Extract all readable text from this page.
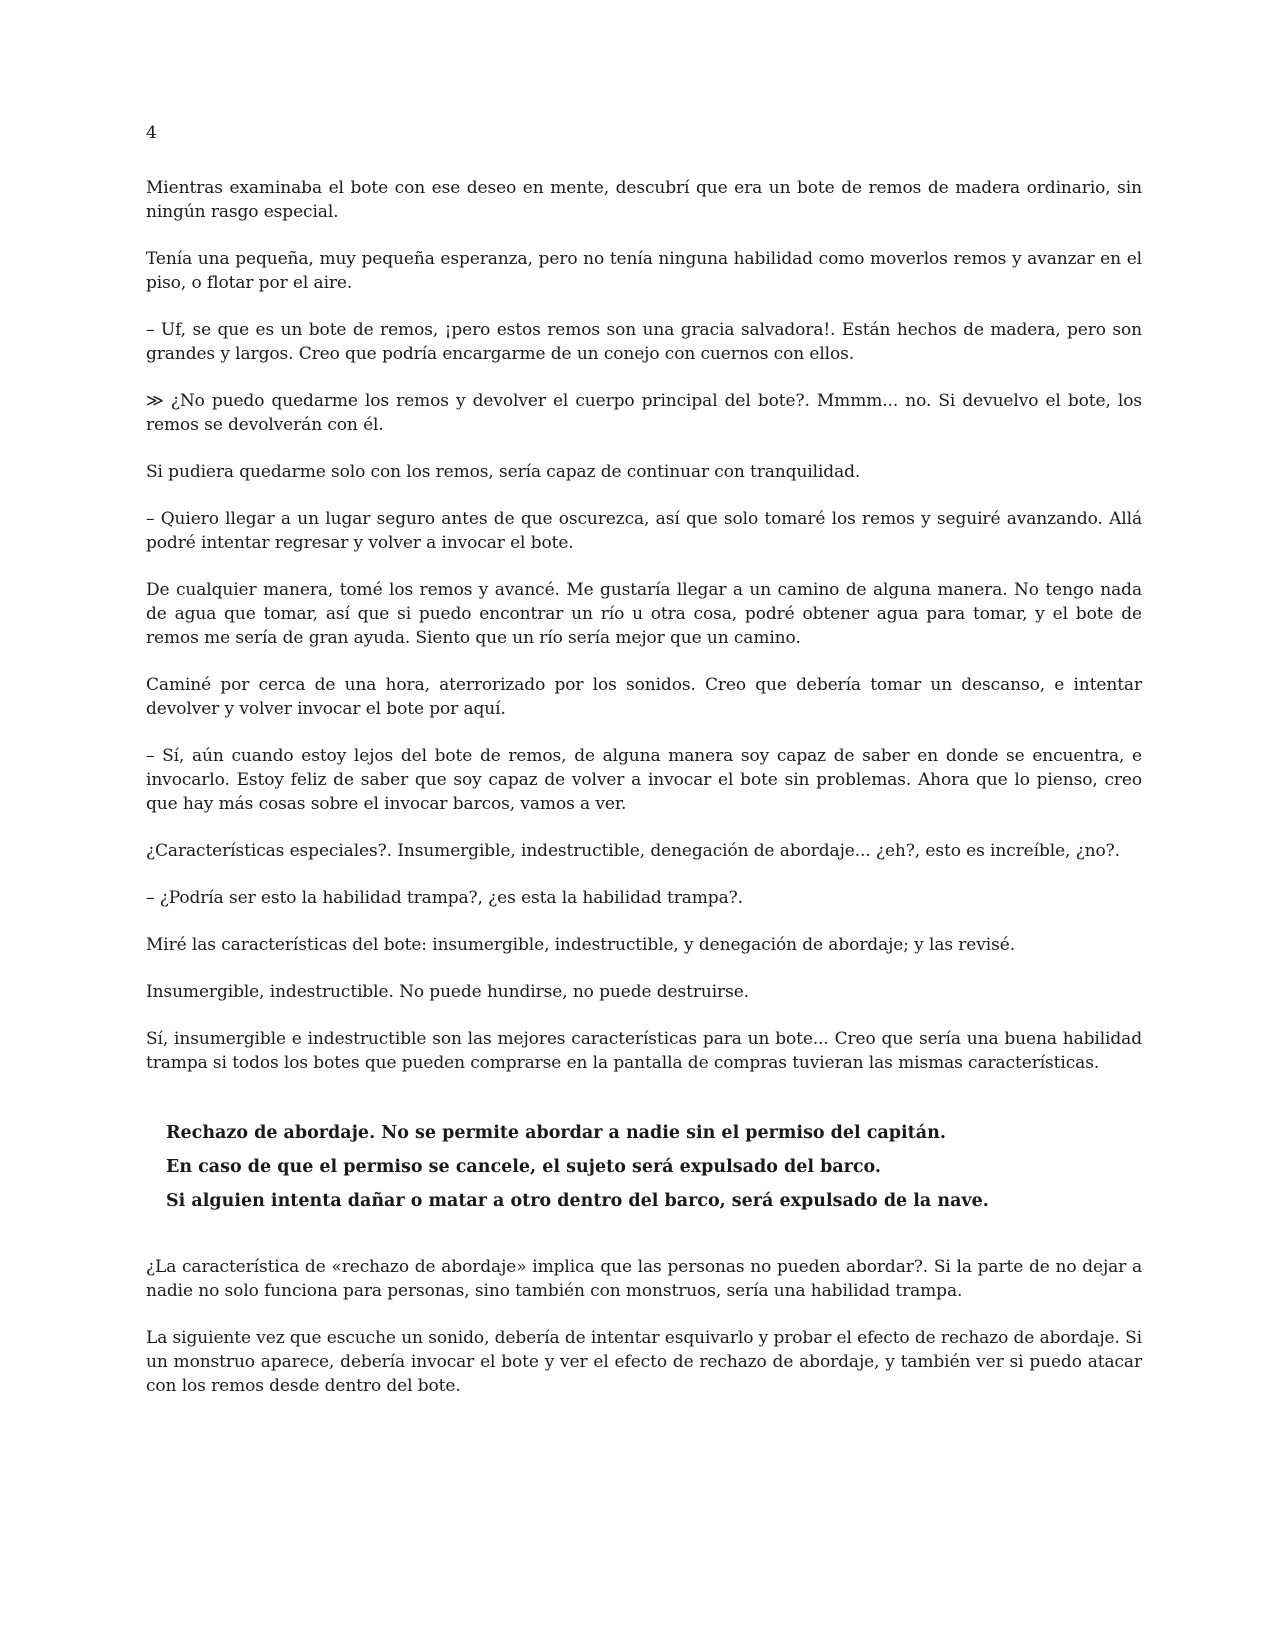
4

Mientras examinaba el bote con ese deseo en mente, descubrí que era un bote de remos de madera ordinario, sin ningún rasgo especial.

Tenía una pequeña, muy pequeña esperanza, pero no tenía ninguna habilidad como moverlos remos y avanzar en el piso, o flotar por el aire.

– Uf, se que es un bote de remos, ¡pero estos remos son una gracia salvadora!. Están hechos de madera, pero son grandes y largos. Creo que podría encargarme de un conejo con cuernos con ellos.

≫ ¿No puedo quedarme los remos y devolver el cuerpo principal del bote?. Mmmm... no. Si devuelvo el bote, los remos se devolverán con él.

Si pudiera quedarme solo con los remos, sería capaz de continuar con tranquilidad.

– Quiero llegar a un lugar seguro antes de que oscurezca, así que solo tomaré los remos y seguiré avanzando. Allá podré intentar regresar y volver a invocar el bote.

De cualquier manera, tomé los remos y avancé. Me gustaría llegar a un camino de alguna manera. No tengo nada de agua que tomar, así que si puedo encontrar un río u otra cosa, podré obtener agua para tomar, y el bote de remos me sería de gran ayuda. Siento que un río sería mejor que un camino.

Caminé por cerca de una hora, aterrorizado por los sonidos. Creo que debería tomar un descanso, e intentar devolver y volver invocar el bote por aquí.

– Sí, aún cuando estoy lejos del bote de remos, de alguna manera soy capaz de saber en donde se encuentra, e invocarlo. Estoy feliz de saber que soy capaz de volver a invocar el bote sin problemas. Ahora que lo pienso, creo que hay más cosas sobre el invocar barcos, vamos a ver.

¿Características especiales?. Insumergible, indestructible, denegación de abordaje... ¿eh?, esto es increíble, ¿no?.

– ¿Podría ser esto la habilidad trampa?, ¿es esta la habilidad trampa?.

Miré las características del bote: insumergible, indestructible, y denegación de abordaje; y las revisé.

Insumergible, indestructible. No puede hundirse, no puede destruirse.

Sí, insumergible e indestructible son las mejores características para un bote... Creo que sería una buena habilidad trampa si todos los botes que pueden comprarse en la pantalla de compras tuvieran las mismas características.

Rechazo de abordaje. No se permite abordar a nadie sin el permiso del capitán.

En caso de que el permiso se cancele, el sujeto será expulsado del barco.

Si alguien intenta dañar o matar a otro dentro del barco, será expulsado de la nave.

¿La característica de «rechazo de abordaje» implica que las personas no pueden abordar?. Si la parte de no dejar a nadie no solo funciona para personas, sino también con monstruos, sería una habilidad trampa.

La siguiente vez que escuche un sonido, debería de intentar esquivarlo y probar el efecto de rechazo de abordaje. Si un monstruo aparece, debería invocar el bote y ver el efecto de rechazo de abordaje, y también ver si puedo atacar con los remos desde dentro del bote.
